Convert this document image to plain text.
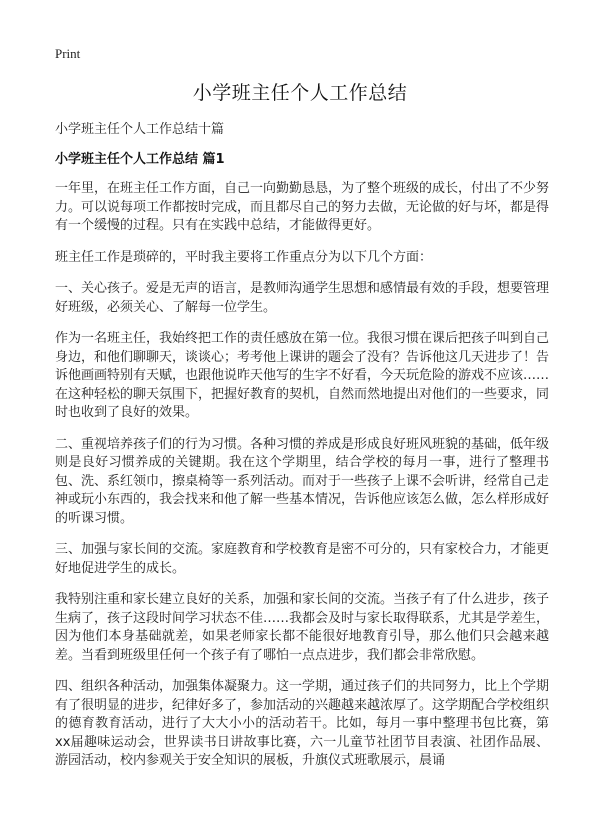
Print
小学班主任个人工作总结
小学班主任个人工作总结十篇
小学班主任个人工作总结 篇1

一年里，在班主任工作方面，自己一向勤勤恳恳，为了整个班级的成长，付出了不少努力。可以说每项工作都按时完成，而且都尽自己的努力去做，无论做的好与坏，都是得有一个缓慢的过程。只有在实践中总结，才能做得更好。

班主任工作是琐碎的，平时我主要将工作重点分为以下几个方面：

一、关心孩子。爱是无声的语言，是教师沟通学生思想和感情最有效的手段，想要管理好班级，必须关心、了解每一位学生。

作为一名班主任，我始终把工作的责任感放在第一位。我很习惯在课后把孩子叫到自己身边，和他们聊聊天，谈谈心；考考他上课讲的题会了没有？告诉他这几天进步了！告诉他画画特别有天赋，也跟他说昨天他写的生字不好看，今天玩危险的游戏不应该……在这种轻松的聊天氛围下，把握好教育的契机，自然而然地提出对他们的一些要求，同时也收到了良好的效果。

二、重视培养孩子们的行为习惯。各种习惯的养成是形成良好班风班貌的基础，低年级则是良好习惯养成的关键期。我在这个学期里，结合学校的每月一事，进行了整理书包、洗、系红领巾，擦桌椅等一系列活动。而对于一些孩子上课不会听讲，经常自己走神或玩小东西的，我会找来和他了解一些基本情况，告诉他应该怎么做，怎么样形成好的听课习惯。

三、加强与家长间的交流。家庭教育和学校教育是密不可分的，只有家校合力，才能更好地促进学生的成长。

我特别注重和家长建立良好的关系，加强和家长间的交流。当孩子有了什么进步，孩子生病了，孩子这段时间学习状态不佳……我都会及时与家长取得联系，尤其是学差生，因为他们本身基础就差，如果老师家长都不能很好地教育引导，那么他们只会越来越差。当看到班级里任何一个孩子有了哪怕一点点进步，我们都会非常欣慰。

四、组织各种活动，加强集体凝聚力。这一学期，通过孩子们的共同努力，比上个学期有了很明显的进步，纪律好多了，参加活动的兴趣越来越浓厚了。这学期配合学校组织的德育教育活动，进行了大大小小的活动若干。比如，每月一事中整理书包比赛，第xx届趣味运动会，世界读书日讲故事比赛，六一儿童节社团节目表演、社团作品展、游园活动，校内参观关于安全知识的展板，升旗仪式班歌展示，晨诵
